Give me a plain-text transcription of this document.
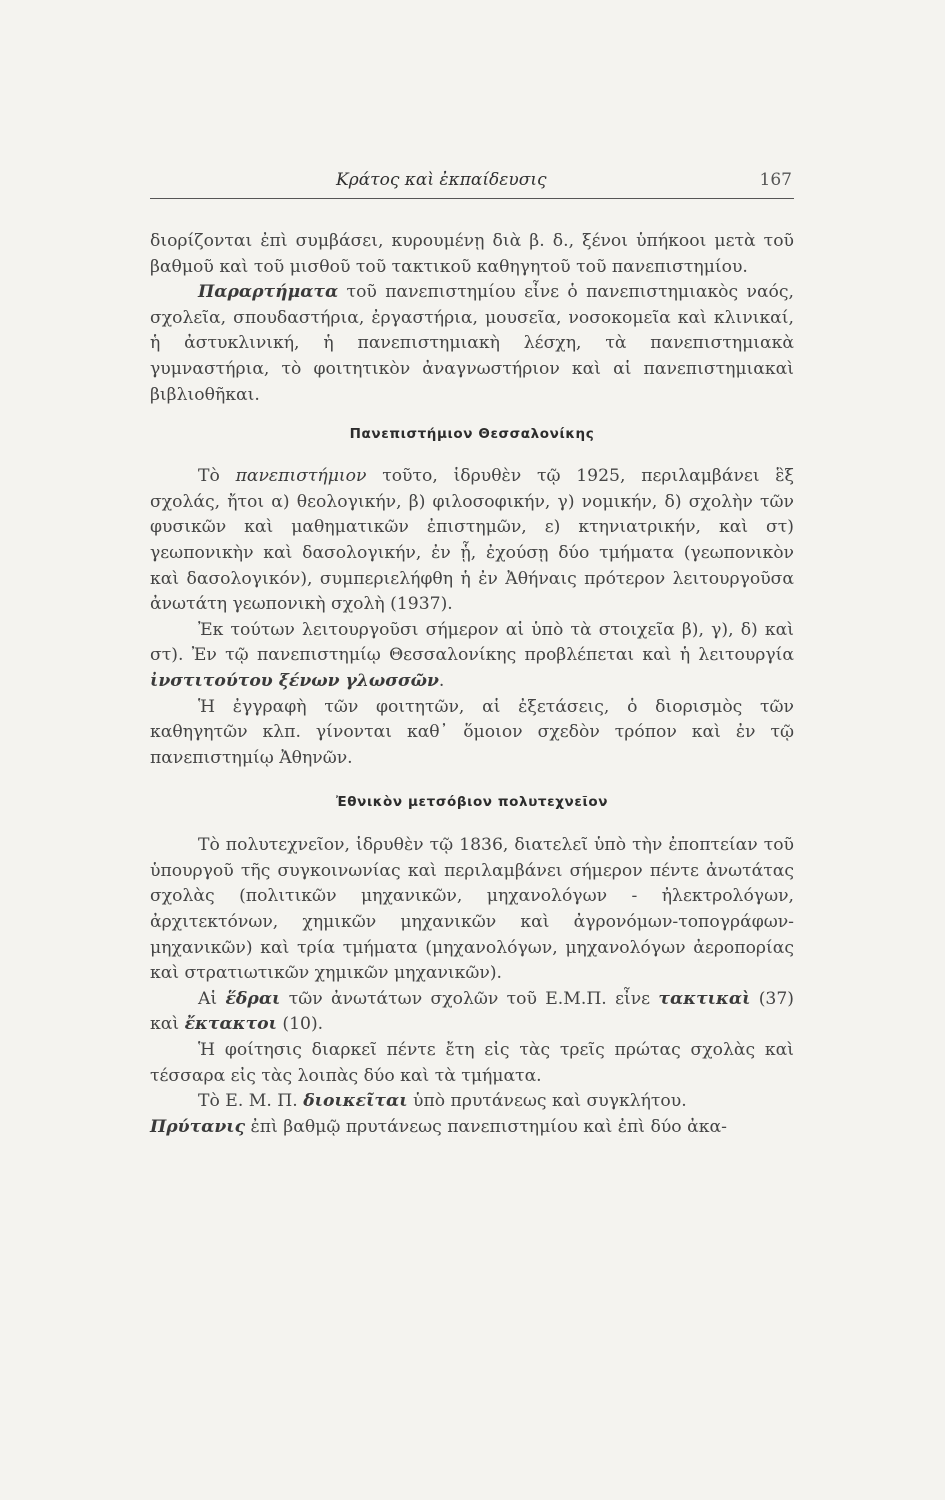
Κράτος καὶ ἐκπαίδευσις	167

διορίζονται ἐπὶ συμβάσει, κυρουμένῃ διὰ β. δ., ξένοι ὑπήκοοι μετὰ τοῦ βαθμοῦ καὶ τοῦ μισθοῦ τοῦ τακτικοῦ καθηγητοῦ τοῦ πανεπιστημίου.

Παραρτήματα τοῦ πανεπιστημίου εἶνε ὁ πανεπιστημιακὸς ναός, σχολεῖα, σπουδαστήρια, ἐργαστήρια, μουσεῖα, νοσοκομεῖα καὶ κλινικαί, ἡ ἀστυκλινική, ἡ πανεπιστημιακὴ λέσχη, τὰ πανεπιστημιακὰ γυμναστήρια, τὸ φοιτητικὸν ἀναγνωστήριον καὶ αἱ πανεπιστημιακαὶ βιβλιοθῆκαι.

Πανεπιστήμιον Θεσσαλονίκης

Τὸ πανεπιστήμιον τοῦτο, ἱδρυθὲν τῷ 1925, περιλαμβάνει ἓξ σχολάς, ἤτοι α) θεολογικήν, β) φιλοσοφικήν, γ) νομικήν, δ) σχολὴν τῶν φυσικῶν καὶ μαθηματικῶν ἐπιστημῶν, ε) κτηνιατρικήν, καὶ στ) γεωπονικὴν καὶ δασολογικήν, ἐν ᾗ, ἐχούσῃ δύο τμήματα (γεωπονικὸν καὶ δασολογικόν), συμπεριελήφθη ἡ ἐν Ἀθήναις πρότερον λειτουργοῦσα ἀνωτάτη γεωπονικὴ σχολὴ (1937).

Ἐκ τούτων λειτουργοῦσι σήμερον αἱ ὑπὸ τὰ στοιχεῖα β), γ), δ) καὶ στ). Ἐν τῷ πανεπιστημίῳ Θεσσαλονίκης προβλέπεται καὶ ἡ λειτουργία ἰνστιτούτου ξένων γλωσσῶν.

Ἡ ἐγγραφὴ τῶν φοιτητῶν, αἱ ἐξετάσεις, ὁ διορισμὸς τῶν καθηγητῶν κλπ. γίνονται καθ᾽ ὅμοιον σχεδὸν τρόπον καὶ ἐν τῷ πανεπιστημίῳ Ἀθηνῶν.

Ἐθνικὸν μετσόβιον πολυτεχνεῖον

Τὸ πολυτεχνεῖον, ἱδρυθὲν τῷ 1836, διατελεῖ ὑπὸ τὴν ἐποπτείαν τοῦ ὑπουργοῦ τῆς συγκοινωνίας καὶ περιλαμβάνει σήμερον πέντε ἀνωτάτας σχολὰς (πολιτικῶν μηχανικῶν, μηχανολόγων - ἠλεκτρολόγων, ἀρχιτεκτόνων, χημικῶν μηχανικῶν καὶ ἀγρονόμων-τοπογράφων-μηχανικῶν) καὶ τρία τμήματα (μηχανολόγων, μηχανολόγων ἀεροπορίας καὶ στρατιωτικῶν χημικῶν μηχανικῶν).

Αἱ ἕδραι τῶν ἀνωτάτων σχολῶν τοῦ Ε.Μ.Π. εἶνε τακτικαὶ (37) καὶ ἔκτακτοι (10).

Ἡ φοίτησις διαρκεῖ πέντε ἔτη εἰς τὰς τρεῖς πρώτας σχολὰς καὶ τέσσαρα εἰς τὰς λοιπὰς δύο καὶ τὰ τμήματα.

Τὸ Ε. Μ. Π. διοικεῖται ὑπὸ πρυτάνεως καὶ συγκλήτου.

Πρύτανις ἐπὶ βαθμῷ πρυτάνεως πανεπιστημίου καὶ ἐπὶ δύο ἀκα-
